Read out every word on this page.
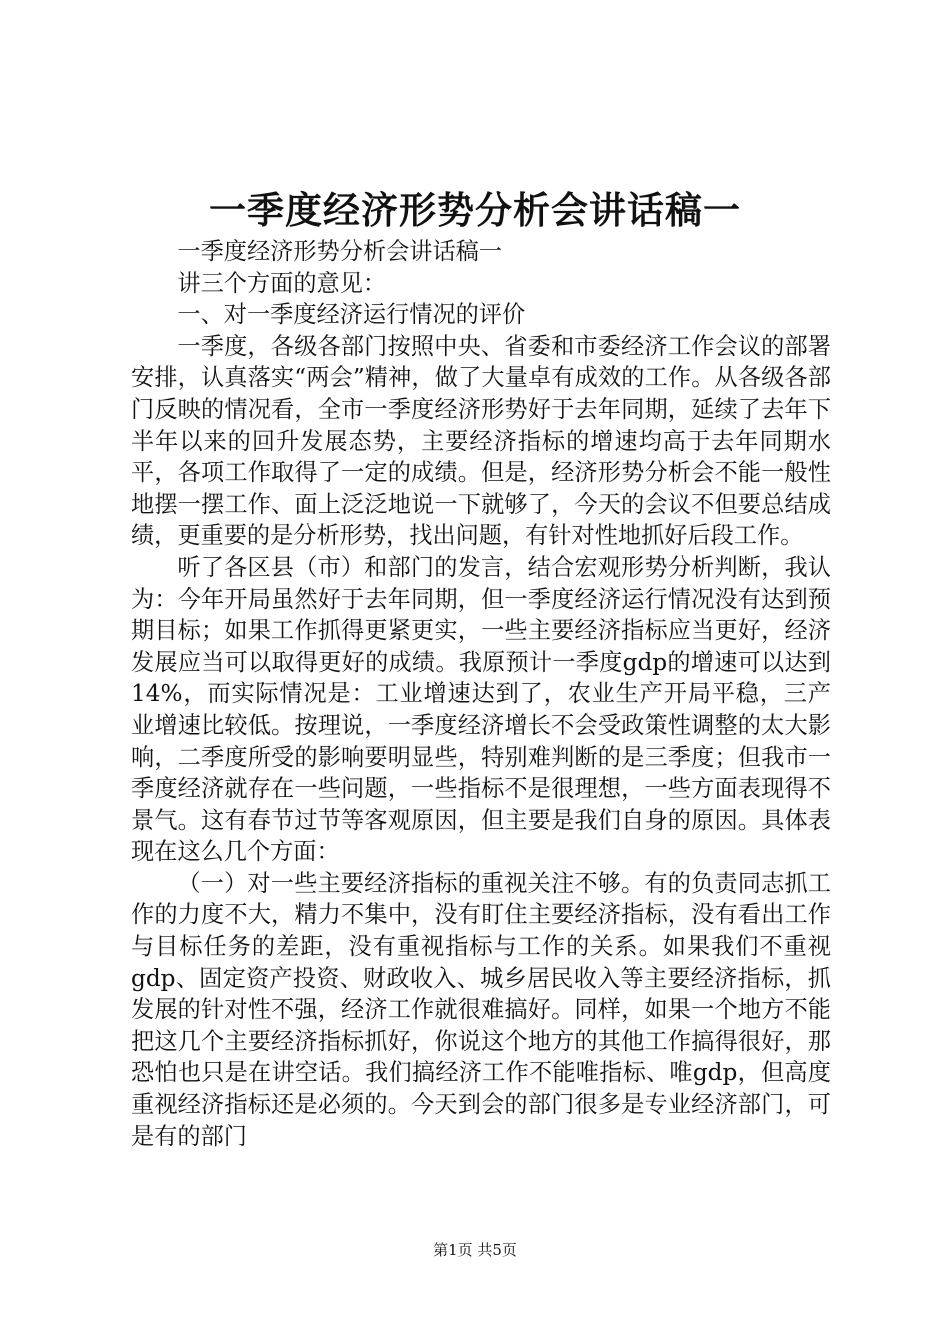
一季度经济形势分析会讲话稿一

一季度经济形势分析会讲话稿一

讲三个方面的意见：

一、对一季度经济运行情况的评价

一季度，各级各部门按照中央、省委和市委经济工作会议的部署安排，认真落实“两会”精神，做了大量卓有成效的工作。从各级各部门反映的情况看，全市一季度经济形势好于去年同期，延续了去年下半年以来的回升发展态势，主要经济指标的增速均高于去年同期水平，各项工作取得了一定的成绩。但是，经济形势分析会不能一般性地摆一摆工作、面上泛泛地说一下就够了，今天的会议不但要总结成绩，更重要的是分析形势，找出问题，有针对性地抓好后段工作。

听了各区县（市）和部门的发言，结合宏观形势分析判断，我认为：今年开局虽然好于去年同期，但一季度经济运行情况没有达到预期目标；如果工作抓得更紧更实，一些主要经济指标应当更好，经济发展应当可以取得更好的成绩。我原预计一季度gdp的增速可以达到14%，而实际情况是：工业增速达到了，农业生产开局平稳，三产业增速比较低。按理说，一季度经济增长不会受政策性调整的太大影响，二季度所受的影响要明显些，特别难判断的是三季度；但我市一季度经济就存在一些问题，一些指标不是很理想，一些方面表现得不景气。这有春节过节等客观原因，但主要是我们自身的原因。具体表现在这么几个方面：

（一）对一些主要经济指标的重视关注不够。有的负责同志抓工作的力度不大，精力不集中，没有盯住主要经济指标，没有看出工作与目标任务的差距，没有重视指标与工作的关系。如果我们不重视gdp、固定资产投资、财政收入、城乡居民收入等主要经济指标，抓发展的针对性不强，经济工作就很难搞好。同样，如果一个地方不能把这几个主要经济指标抓好，你说这个地方的其他工作搞得很好，那恐怕也只是在讲空话。我们搞经济工作不能唯指标、唯gdp，但高度重视经济指标还是必须的。今天到会的部门很多是专业经济部门，可是有的部门

第1页 共5页
